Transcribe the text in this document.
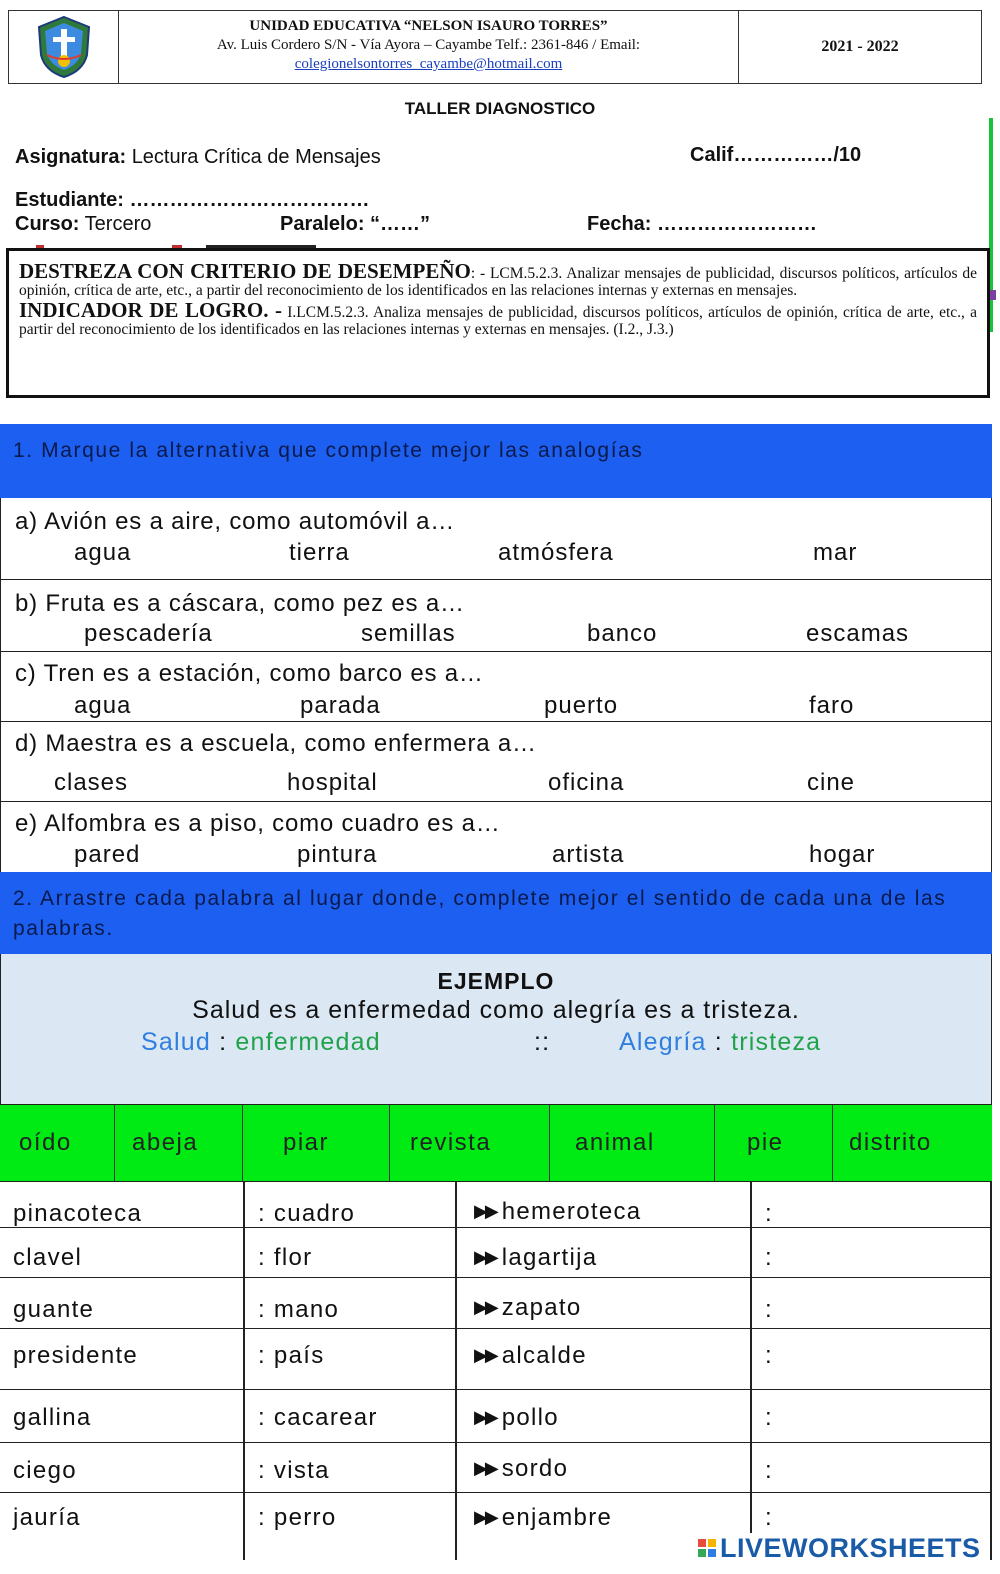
UNIDAD EDUCATIVA “NELSON ISAURO TORRES”
Av. Luis Cordero S/N - Vía Ayora – Cayambe Telf.: 2361-846 / Email:
colegionelsontorres_cayambe@hotmail.com
2021 - 2022
TALLER DIAGNOSTICO
Asignatura: Lectura Crítica de Mensajes	Calif……………/10
Estudiante: ………………………………
Curso: Tercero	Paralelo: “……”	Fecha: ……………………

DESTREZA CON CRITERIO DE DESEMPEÑO: - LCM.5.2.3. Analizar mensajes de publicidad, discursos políticos, artículos de opinión, crítica de arte, etc., a partir del reconocimiento de los identificados en las relaciones internas y externas en mensajes.

INDICADOR DE LOGRO. - I.LCM.5.2.3. Analiza mensajes de publicidad, discursos políticos, artículos de opinión, crítica de arte, etc., a partir del reconocimiento de los identificados en las relaciones internas y externas en mensajes. (I.2., J.3.)

1. Marque la alternativa que complete mejor las analogías
a) Avión es a aire, como automóvil a…
agua	tierra	atmósfera	mar
b) Fruta es a cáscara, como pez es a…
pescadería	semillas	banco	escamas
c) Tren es a estación, como barco es a…
agua	parada	puerto	faro
d) Maestra es a escuela, como enfermera a…
clases	hospital	oficina	cine
e) Alfombra es a piso, como cuadro es a…
pared	pintura	artista	hogar
2. Arrastre cada palabra al lugar donde, complete mejor el sentido de cada una de las palabras.
EJEMPLO
Salud es a enfermedad como alegría es a tristeza.
Salud : enfermedad	::	Alegría : tristeza
oído	abeja	piar	revista	animal	pie	distrito
pinacoteca	: cuadro	▶▶ hemeroteca	:
clavel	: flor	▶▶ lagartija	:
guante	: mano	▶▶ zapato	:
presidente	: país	▶▶ alcalde	:
gallina	: cacarear	▶▶ pollo	:
ciego	: vista	▶▶ sordo	:
jauría	: perro	▶▶ enjambre	:
LIVEWORKSHEETS
